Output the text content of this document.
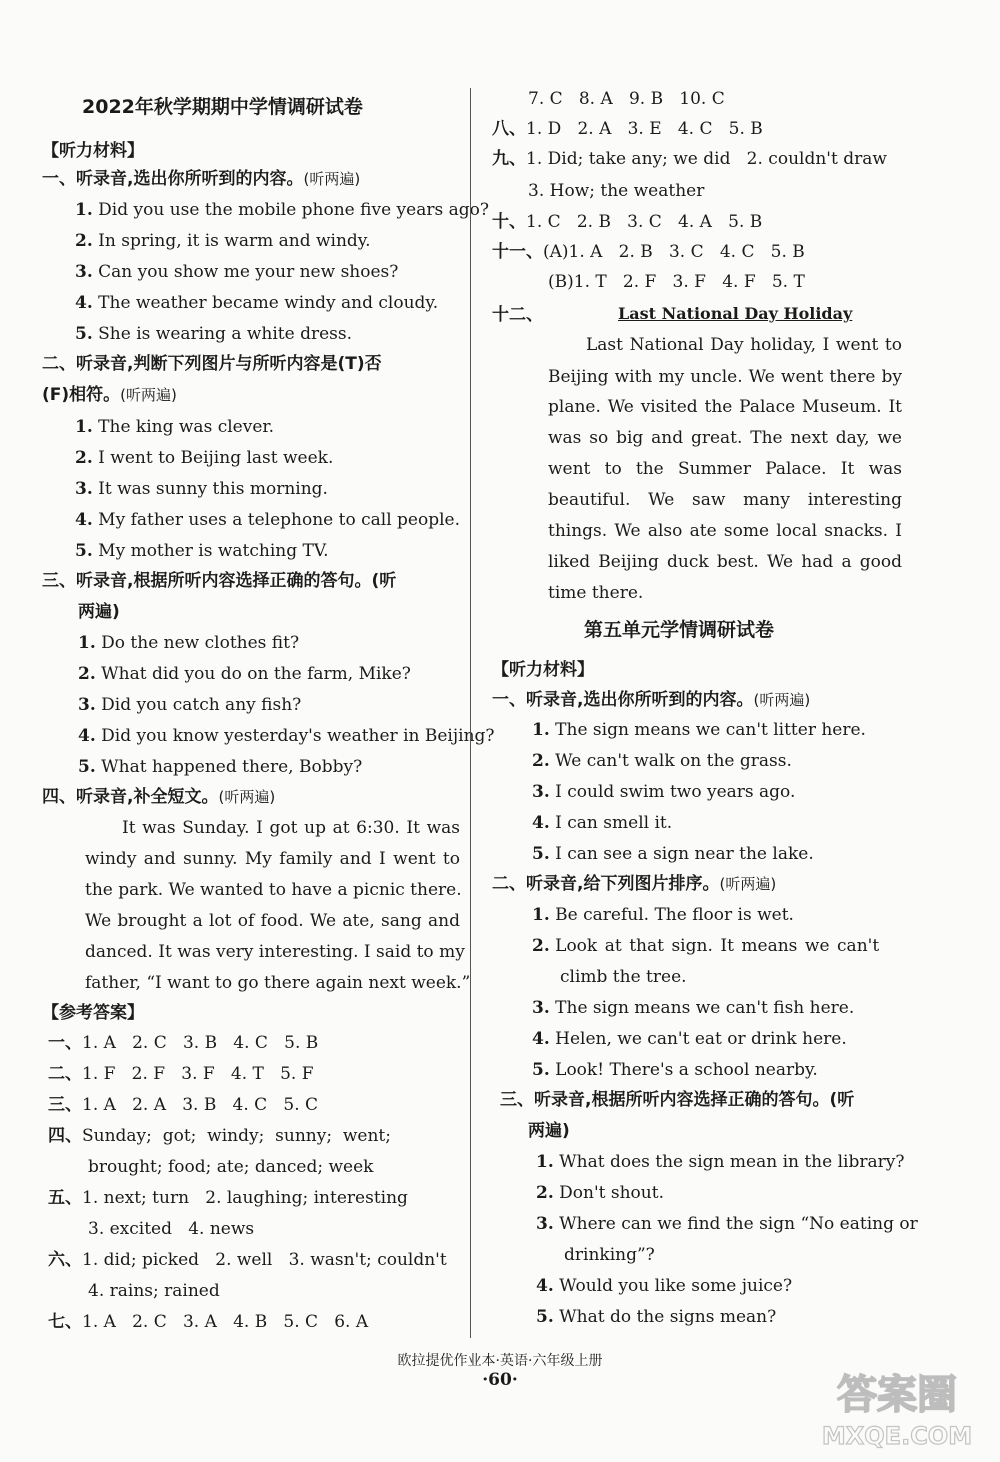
2022年秋学期期中学情调研试卷
【听力材料】
一、听录音,选出你所听到的内容。(听两遍)
1. Did you use the mobile phone five years ago?
2. In spring, it is warm and windy.
3. Can you show me your new shoes?
4. The weather became windy and cloudy.
5. She is wearing a white dress.
二、听录音,判断下列图片与所听内容是(T)否
(F)相符。(听两遍)
1. The king was clever.
2. I went to Beijing last week.
3. It was sunny this morning.
4. My father uses a telephone to call people.
5. My mother is watching TV.
三、听录音,根据所听内容选择正确的答句。(听
两遍)
1. Do the new clothes fit?
2. What did you do on the farm, Mike?
3. Did you catch any fish?
4. Did you know yesterday's weather in Beijing?
5. What happened there, Bobby?
四、听录音,补全短文。(听两遍)
It was Sunday. I got up at 6:30. It was
windy and sunny. My family and I went to
the park. We wanted to have a picnic there.
We brought a lot of food. We ate, sang and
danced. It was very interesting. I said to my
father, “I want to go there again next week.”
【参考答案】
一、1. A   2. C   3. B   4. C   5. B
二、1. F   2. F   3. F   4. T   5. F
三、1. A   2. A   3. B   4. C   5. C
四、Sunday;  got;  windy;  sunny;  went;
brought; food; ate; danced; week
五、1. next; turn   2. laughing; interesting
3. excited   4. news
六、1. did; picked   2. well   3. wasn't; couldn't
4. rains; rained
七、1. A   2. C   3. A   4. B   5. C   6. A
7. C   8. A   9. B   10. C
八、1. D   2. A   3. E   4. C   5. B
九、1. Did; take any; we did   2. couldn't draw
3. How; the weather
十、1. C   2. B   3. C   4. A   5. B
十一、(A)1. A   2. B   3. C   4. C   5. B
(B)1. T   2. F   3. F   4. F   5. T
十二、	Last National Day Holiday
Last National Day holiday, I went to
Beijing with my uncle. We went there by
plane. We visited the Palace Museum. It
was so big and great. The next day, we
went to the Summer Palace. It was
beautiful. We saw many interesting
things. We also ate some local snacks. I
liked Beijing duck best. We had a good
time there.
第五单元学情调研试卷
【听力材料】
一、听录音,选出你所听到的内容。(听两遍)
1. The sign means we can't litter here.
2. We can't walk on the grass.
3. I could swim two years ago.
4. I can smell it.
5. I can see a sign near the lake.
二、听录音,给下列图片排序。(听两遍)
1. Be careful. The floor is wet.
2. Look at that sign. It means we can't
climb the tree.
3. The sign means we can't fish here.
4. Helen, we can't eat or drink here.
5. Look! There's a school nearby.
三、听录音,根据所听内容选择正确的答句。(听
两遍)
1. What does the sign mean in the library?
2. Don't shout.
3. Where can we find the sign “No eating or
drinking”?
4. Would you like some juice?
5. What do the signs mean?
欧拉提优作业本·英语·六年级上册
·60·	答案圈
MXQE.COM
